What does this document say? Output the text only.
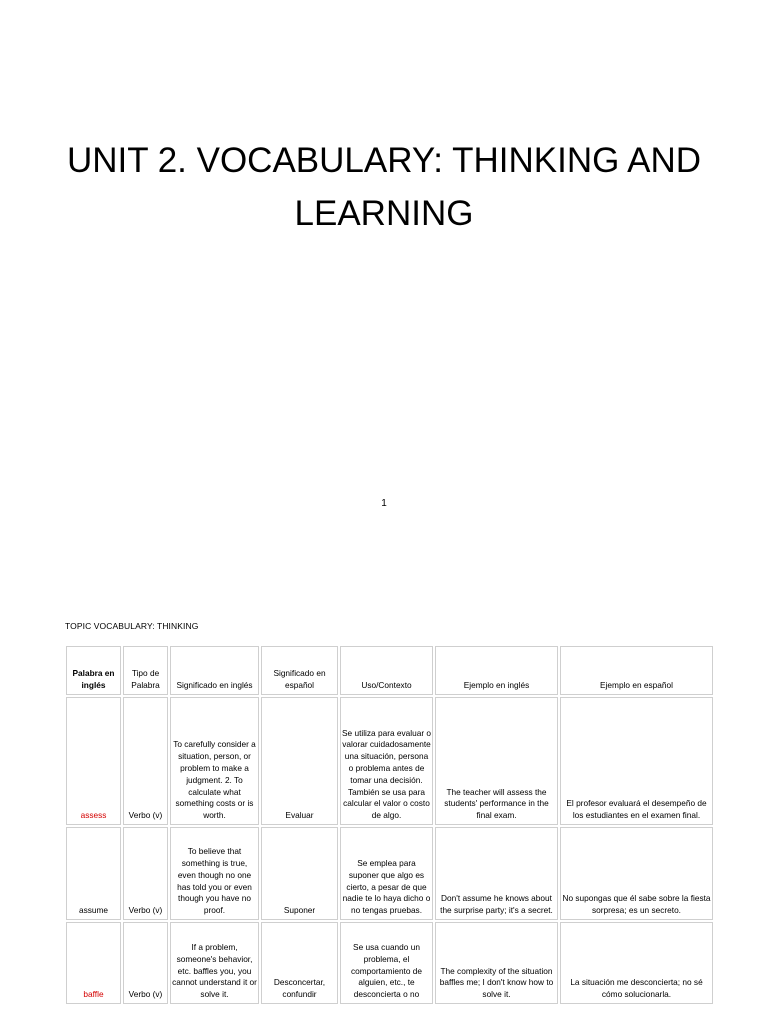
UNIT 2. VOCABULARY: THINKING AND LEARNING
1
TOPIC VOCABULARY: THINKING
Palabra en inglés	Tipo de Palabra	Significado en inglés	Significado en español	Uso/Contexto	Ejemplo en inglés	Ejemplo en español
assess	Verbo (v)	To carefully consider a situation, person, or problem to make a judgment. 2. To calculate what something costs or is worth.	Evaluar	Se utiliza para evaluar o valorar cuidadosamente una situación, persona o problema antes de tomar una decisión. También se usa para calcular el valor o costo de algo.	The teacher will assess the students' performance in the final exam.	El profesor evaluará el desempeño de los estudiantes en el examen final.
assume	Verbo (v)	To believe that something is true, even though no one has told you or even though you have no proof.	Suponer	Se emplea para suponer que algo es cierto, a pesar de que nadie te lo haya dicho o no tengas pruebas.	Don't assume he knows about the surprise party; it's a secret.	No supongas que él sabe sobre la fiesta sorpresa; es un secreto.
baffle	Verbo (v)	If a problem, someone's behavior, etc. baffles you, you cannot understand it or solve it.	Desconcertar, confundir	Se usa cuando un problema, el comportamiento de alguien, etc., te desconcierta o no	The complexity of the situation baffles me; I don't know how to solve it.	La situación me desconcierta; no sé cómo solucionarla.
